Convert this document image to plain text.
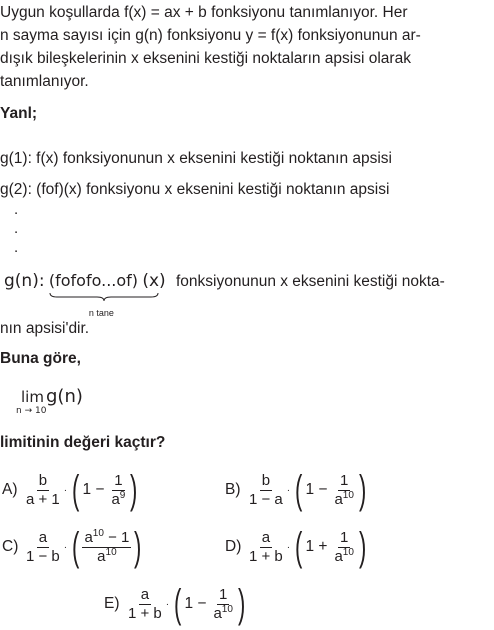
Uygun koşullarda f(x) = ax + b fonksiyonu tanımlanıyor. Her
n sayma sayısı için g(n) fonksiyonu y = f(x) fonksiyonunun ar-
dışık bileşkelerinin x eksenini kestiği noktaların apsisi olarak
tanımlanıyor.
Yanl;
g(1): f(x) fonksiyonunun x eksenini kestiği noktanın apsisi
g(2): (fof)(x) fonksiyonu x eksenini kestiği noktanın apsisi
.
.
.
g(n): (fofofo...of)
n tane
(x) fonksiyonunun x eksenini kestiği nokta-
nın apsisi'dir.
Buna göre,
lim
n → 10
g(n)
limitinin değeri kaçtır?
$A) \frac{b}{a + 1}$ · ( $1 - \frac{1}{a^9}$ )	$B) \frac{b}{1 - a}$ · ( $1 - \frac{1}{a^{10}}$ )
$C) \frac{a}{1 - b}$ · ( $\frac{a^{10} - 1}{a^{10}}$ )	$D) \frac{a}{1 + b}$ · ( $1 + \frac{1}{a^{10}}$ )
$E) \frac{a}{1 + b}$ · ( $1 - \frac{1}{a^{10}}$ )
